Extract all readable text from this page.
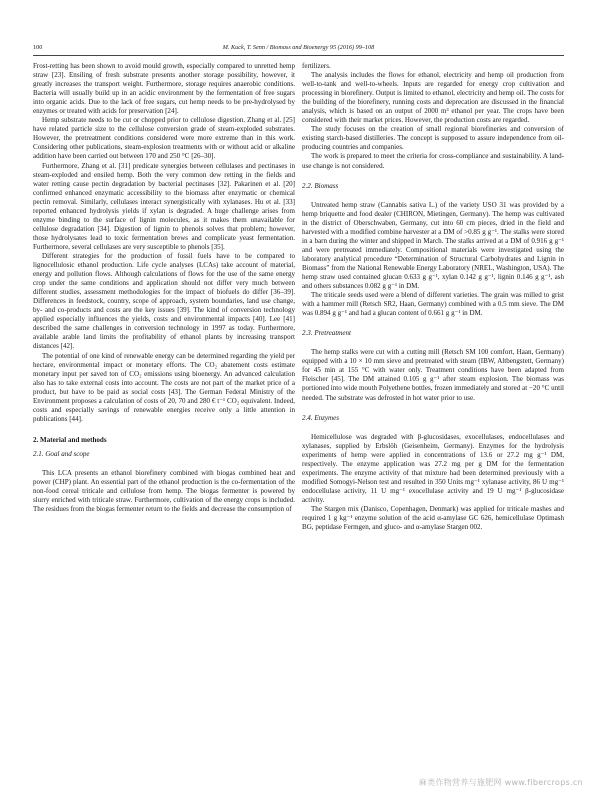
100	M. Kuck, T. Senn / Biomass and Bioenergy 95 (2016) 99–108

Frost-retting has been shown to avoid mould growth, especially compared to unretted hemp straw [23]. Ensiling of fresh substrate presents another storage possibility, however, it greatly increases the transport weight. Furthermore, storage requires anaerobic conditions. Bacteria will usually build up in an acidic environment by the fermentation of free sugars into organic acids. Due to the lack of free sugars, cut hemp needs to be pre-hydrolysed by enzymes or treated with acids for preservation [24].

Hemp substrate needs to be cut or chopped prior to cellulose digestion. Zhang et al. [25] have related particle size to the cellulose conversion grade of steam-exploded substrates. However, the pretreatment conditions considered were more extreme than in this work. Considering other publications, steam-explosion treatments with or without acid or alkaline addition have been carried out between 170 and 250 °C [26–30].

Furthermore, Zhang et al. [31] predicate synergies between cellulases and pectinases in steam-exploded and ensiled hemp. Both the very common dew retting in the fields and water retting cause pectin degradation by bacterial pectinases [32]. Pakarinen et al. [20] confirmed enhanced enzymatic accessibility to the biomass after enzymatic or chemical pectin removal. Similarly, cellulases interact synergistically with xylanases. Hu et al. [33] reported enhanced hydrolysis yields if xylan is degraded. A huge challenge arises from enzyme binding to the surface of lignin molecules, as it makes them unavailable for cellulose degradation [34]. Digestion of lignin to phenols solves that problem; however, those hydrolysates lead to toxic fermentation brews and complicate yeast fermentation. Furthermore, several cellulases are very susceptible to phenols [35].

Different strategies for the production of fossil fuels have to be compared to lignocellulosic ethanol production. Life cycle analyses (LCAs) take account of material, energy and pollution flows. Although calculations of flows for the use of the same energy crop under the same conditions and application should not differ very much between different studies, assessment methodologies for the impact of biofuels do differ [36–39]. Differences in feedstock, country, scope of approach, system boundaries, land use change, by- and co-products and costs are the key issues [39]. The kind of conversion technology applied especially influences the yields, costs and environmental impacts [40]. Lee [41] described the same challenges in conversion technology in 1997 as today. Furthermore, available arable land limits the profitability of ethanol plants by increasing transport distances [42].

The potential of one kind of renewable energy can be determined regarding the yield per hectare, environmental impact or monetary efforts. The CO₂ abatement costs estimate monetary input per saved ton of CO₂ emissions using bioenergy. An advanced calculation also has to take external costs into account. The costs are not part of the market price of a product, but have to be paid as social costs [43]. The German Federal Ministry of the Environment proposes a calculation of costs of 20, 70 and 280 € t⁻¹ CO₂ equivalent. Indeed, costs and especially savings of renewable energies receive only a little attention in publications [44].

2. Material and methods

2.1. Goal and scope

This LCA presents an ethanol biorefinery combined with biogas combined heat and power (CHP) plant. An essential part of the ethanol production is the co-fermentation of the non-food cereal triticale and cellulose from hemp. The biogas fermenter is powered by slurry enriched with triticale straw. Furthermore, cultivation of the energy crops is included. The residues from the biogas fermenter return to the fields and decrease the consumption of

fertilizers.

The analysis includes the flows for ethanol, electricity and hemp oil production from well-to-tank and well-to-wheels. Inputs are regarded for energy crop cultivation and processing in biorefinery. Output is limited to ethanol, electricity and hemp oil. The costs for the building of the biorefinery, running costs and deprecation are discussed in the financial analysis, which is based on an output of 2000 m³ ethanol per year. The crops have been considered with their market prices. However, the production costs are regarded.

The study focuses on the creation of small regional biorefineries and conversion of existing starch-based distilleries. The concept is supposed to assure independence from oil-producing countries and companies.

The work is prepared to meet the criteria for cross-compliance and sustainability. A land-use change is not considered.

2.2. Biomass

Untreated hemp straw (Cannabis sativa L.) of the variety USO 31 was provided by a hemp briquette and food dealer (CHIRON, Mietingen, Germany). The hemp was cultivated in the district of Oberschwaben, Germany, cut into 60 cm pieces, dried in the field and harvested with a modified combine harvester at a DM of >0.85 g g⁻¹. The stalks were stored in a barn during the winter and shipped in March. The stalks arrived at a DM of 0.916 g g⁻¹ and were pretreated immediately. Compositional materials were investigated using the laboratory analytical procedure “Determination of Structural Carbohydrates and Lignin in Biomass” from the National Renewable Energy Laboratory (NREL, Washington, USA). The hemp straw used contained glucan 0.633 g g⁻¹, xylan 0.142 g g⁻¹, lignin 0.146 g g⁻¹, ash and others substances 0.082 g g⁻¹ in DM.

The triticale seeds used were a blend of different varieties. The grain was milled to grist with a hammer mill (Retsch SR2, Haan, Germany) combined with a 0.5 mm sieve. The DM was 0.894 g g⁻¹ and had a glucan content of 0.661 g g⁻¹ in DM.

2.3. Pretreatment

The hemp stalks were cut with a cutting mill (Retsch SM 100 comfort, Haan, Germany) equipped with a 10 × 10 mm sieve and pretreated with steam (IBW, Altbengstett, Germany) for 45 min at 155 °C with water only. Treatment conditions have been adapted from Fleischer [45]. The DM attained 0.105 g g⁻¹ after steam explosion. The biomass was portioned into wide mouth Polyethene bottles, frozen immediately and stored at −20 °C until needed. The substrate was defrosted in hot water prior to use.

2.4. Enzymes

Hemicellulose was degraded with β-glucosidases, exocellulases, endocellulases and xylanases, supplied by Erbslöh (Geisenheim, Germany). Enzymes for the hydrolysis experiments of hemp were applied in concentrations of 13.6 or 27.2 mg g⁻¹ DM, respectively. The enzyme application was 27.2 mg per g DM for the fermentation experiments. The enzyme activity of that mixture had been determined previously with a modified Somogyi-Nelson test and resulted in 350 Units mg⁻¹ xylanase activity, 86 U mg⁻¹ endocellulase activity, 11 U mg⁻¹ exocellulase activity and 19 U mg⁻¹ β-glucosidase activity.

The Stargen mix (Danisco, Copenhagen, Denmark) was applied for triticale mashes and required 1 g kg⁻¹ enzyme solution of the acid α-amylase GC 626, hemicellulase Optimash BG, peptidase Fermgen, and gluco- and α-amylase Stargen 002.

麻类作物营养与施肥网 www.fibercrops.cn
